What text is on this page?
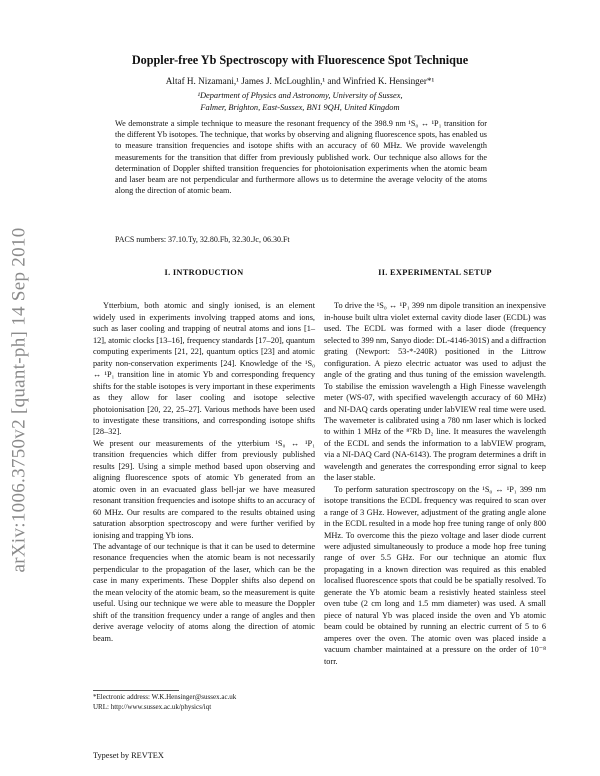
arXiv:1006.3750v2 [quant-ph] 14 Sep 2010
Doppler-free Yb Spectroscopy with Fluorescence Spot Technique
Altaf H. Nizamani,¹ James J. McLoughlin,¹ and Winfried K. Hensinger*¹
¹Department of Physics and Astronomy, University of Sussex,
Falmer, Brighton, East-Sussex, BN1 9QH, United Kingdom
We demonstrate a simple technique to measure the resonant frequency of the 398.9 nm ¹S₀ ↔ ¹P₁ transition for the different Yb isotopes. The technique, that works by observing and aligning fluorescence spots, has enabled us to measure transition frequencies and isotope shifts with an accuracy of 60 MHz. We provide wavelength measurements for the transition that differ from previously published work. Our technique also allows for the determination of Doppler shifted transition frequencies for photoionisation experiments when the atomic beam and laser beam are not perpendicular and furthermore allows us to determine the average velocity of the atoms along the direction of atomic beam.
PACS numbers: 37.10.Ty, 32.80.Fb, 32.30.Jc, 06.30.Ft
I. INTRODUCTION

Ytterbium, both atomic and singly ionised, is an element widely used in experiments involving trapped atoms and ions, such as laser cooling and trapping of neutral atoms and ions [1–12], atomic clocks [13–16], frequency standards [17–20], quantum computing experiments [21, 22], quantum optics [23] and atomic parity non-conservation experiments [24]. Knowledge of the ¹S₀ ↔ ¹P₁ transition line in atomic Yb and corresponding frequency shifts for the stable isotopes is very important in these experiments as they allow for laser cooling and isotope selective photoionisation [20, 22, 25–27]. Various methods have been used to investigate these transitions, and corresponding isotope shifts [28–32].

We present our measurements of the ytterbium ¹S₀ ↔ ¹P₁ transition frequencies which differ from previously published results [29]. Using a simple method based upon observing and aligning fluorescence spots of atomic Yb generated from an atomic oven in an evacuated glass bell-jar we have measured resonant transition frequencies and isotope shifts to an accuracy of 60 MHz. Our results are compared to the results obtained using saturation absorption spectroscopy and were further verified by ionising and trapping Yb ions.

The advantage of our technique is that it can be used to determine resonance frequencies when the atomic beam is not necessarily perpendicular to the propagation of the laser, which can be the case in many experiments. These Doppler shifts also depend on the mean velocity of the atomic beam, so the measurement is quite useful. Using our technique we were able to measure the Doppler shift of the transition frequency under a range of angles and then derive average velocity of atoms along the direction of atomic beam.

II. EXPERIMENTAL SETUP

To drive the ¹S₀ ↔ ¹P₁ 399 nm dipole transition an inexpensive in-house built ultra violet external cavity diode laser (ECDL) was used. The ECDL was formed with a laser diode (frequency selected to 399 nm, Sanyo diode: DL-4146-301S) and a diffraction grating (Newport: 53-*-240R) positioned in the Littrow configuration. A piezo electric actuator was used to adjust the angle of the grating and thus tuning of the emission wavelength. To stabilise the emission wavelength a High Finesse wavelength meter (WS-07, with specified wavelength accuracy of 60 MHz) and NI-DAQ cards operating under labVIEW real time were used. The wavemeter is calibrated using a 780 nm laser which is locked to within 1 MHz of the ⁸⁷Rb D₂ line. It measures the wavelength of the ECDL and sends the information to a labVIEW program, via a NI-DAQ Card (NA-6143). The program determines a drift in wavelength and generates the corresponding error signal to keep the laser stable.

To perform saturation spectroscopy on the ¹S₀ ↔ ¹P₁ 399 nm isotope transitions the ECDL frequency was required to scan over a range of 3 GHz. However, adjustment of the grating angle alone in the ECDL resulted in a mode hop free tuning range of only 800 MHz. To overcome this the piezo voltage and laser diode current were adjusted simultaneously to produce a mode hop free tuning range of over 5.5 GHz. For our technique an atomic flux propagating in a known direction was required as this enabled localised fluorescence spots that could be be spatially resolved. To generate the Yb atomic beam a resistivly heated stainless steel oven tube (2 cm long and 1.5 mm diameter) was used. A small piece of natural Yb was placed inside the oven and Yb atomic beam could be obtained by running an electric current of 5 to 6 amperes over the oven. The atomic oven was placed inside a vacuum chamber maintained at a pressure on the order of 10⁻⁸ torr.

*Electronic address: W.K.Hensinger@sussex.ac.uk
URL: http://www.sussex.ac.uk/physics/iqt
Typeset by REVTEX
